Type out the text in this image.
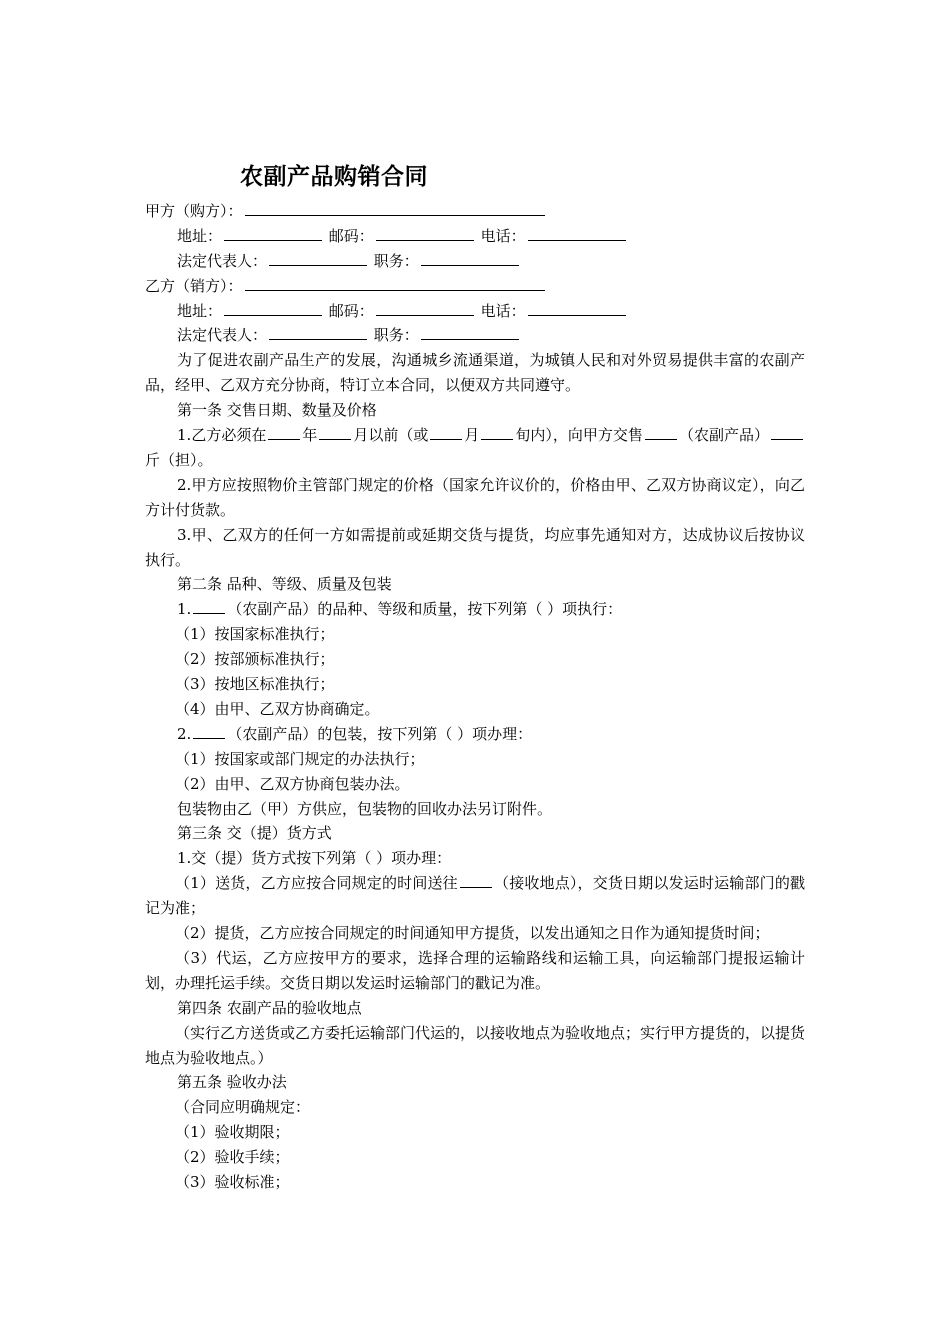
农副产品购销合同
甲方（购方）：
地址：	邮码：	电话：
法定代表人：	职务：
乙方（销方）：
地址：	邮码：	电话：
法定代表人：	职务：
为了促进农副产品生产的发展，沟通城乡流通渠道，为城镇人民和对外贸易提供丰富的农副产品，经甲、乙双方充分协商，特订立本合同，以便双方共同遵守。
第一条 交售日期、数量及价格
1.乙方必须在 年 月以前（或 月 旬内），向甲方交售 （农副产品）斤（担）。
2.甲方应按照物价主管部门规定的价格（国家允许议价的，价格由甲、乙双方协商议定），向乙方计付货款。
3.甲、乙双方的任何一方如需提前或延期交货与提货，均应事先通知对方，达成协议后按协议执行。
第二条 品种、等级、质量及包装
1. （农副产品）的品种、等级和质量，按下列第（ ）项执行：
（1）按国家标准执行；
（2）按部颁标准执行；
（3）按地区标准执行；
（4）由甲、乙双方协商确定。
2. （农副产品）的包装，按下列第（ ）项办理：
（1）按国家或部门规定的办法执行；
（2）由甲、乙双方协商包装办法。
包装物由乙（甲）方供应，包装物的回收办法另订附件。
第三条 交（提）货方式
1.交（提）货方式按下列第（ ）项办理：
（1）送货，乙方应按合同规定的时间送往 （接收地点），交货日期以发运时运输部门的戳记为准；
（2）提货，乙方应按合同规定的时间通知甲方提货，以发出通知之日作为通知提货时间；
（3）代运，乙方应按甲方的要求，选择合理的运输路线和运输工具，向运输部门提报运输计划，办理托运手续。交货日期以发运时运输部门的戳记为准。
第四条 农副产品的验收地点
（实行乙方送货或乙方委托运输部门代运的，以接收地点为验收地点；实行甲方提货的，以提货地点为验收地点。）
第五条 验收办法
（合同应明确规定：
（1）验收期限；
（2）验收手续；
（3）验收标准；
